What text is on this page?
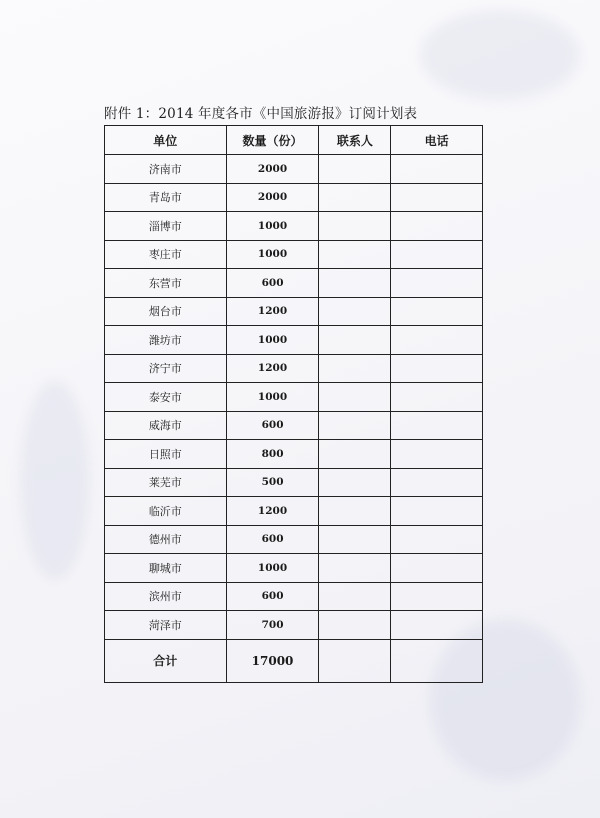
附件 1：2014 年度各市《中国旅游报》订阅计划表
单位	数量（份）	联系人	电话
济南市	2000		
青岛市	2000		
淄博市	1000		
枣庄市	1000		
东营市	600		
烟台市	1200		
潍坊市	1000		
济宁市	1200		
泰安市	1000		
威海市	600		
日照市	800		
莱芜市	500		
临沂市	1200		
德州市	600		
聊城市	1000		
滨州市	600		
菏泽市	700		
合计	17000		
